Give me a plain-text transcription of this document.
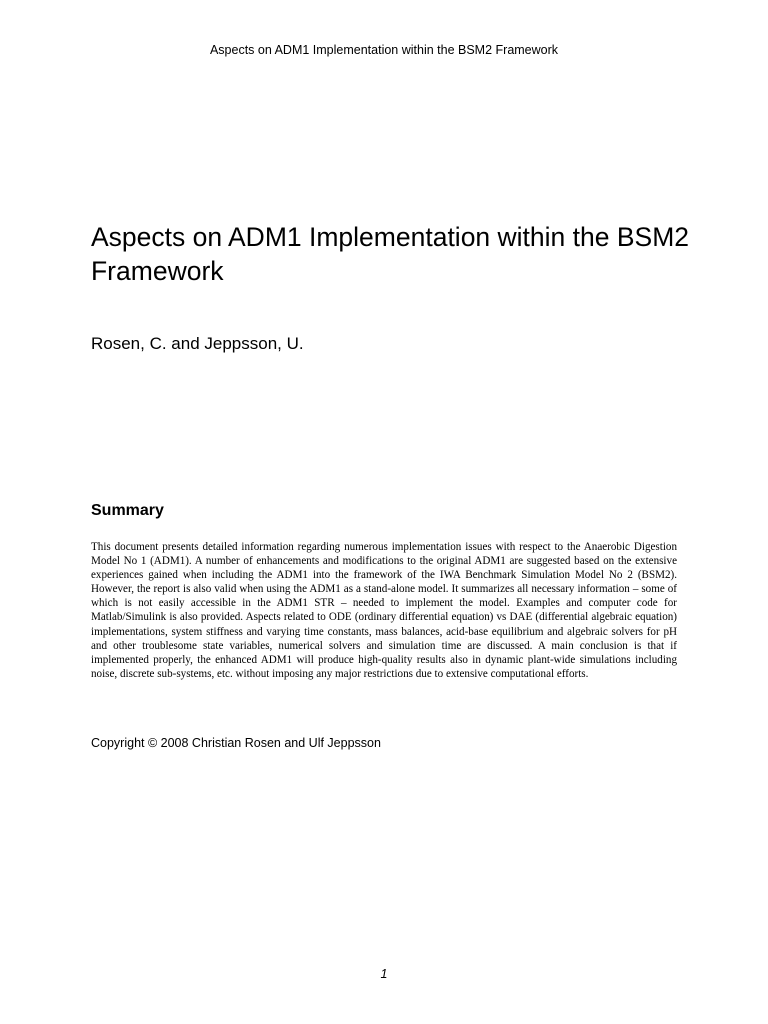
Aspects on ADM1 Implementation within the BSM2 Framework
Aspects on ADM1 Implementation within the BSM2 Framework

Rosen, C. and Jeppsson, U.

Summary

This document presents detailed information regarding numerous implementation issues with respect to the Anaerobic Digestion Model No 1 (ADM1). A number of enhancements and modifications to the original ADM1 are suggested based on the extensive experiences gained when including the ADM1 into the framework of the IWA Benchmark Simulation Model No 2 (BSM2). However, the report is also valid when using the ADM1 as a stand-alone model. It summarizes all necessary information – some of which is not easily accessible in the ADM1 STR – needed to implement the model. Examples and computer code for Matlab/Simulink is also provided. Aspects related to ODE (ordinary differential equation) vs DAE (differential algebraic equation) implementations, system stiffness and varying time constants, mass balances, acid-base equilibrium and algebraic solvers for pH and other troublesome state variables, numerical solvers and simulation time are discussed. A main conclusion is that if implemented properly, the enhanced ADM1 will produce high-quality results also in dynamic plant-wide simulations including noise, discrete sub-systems, etc. without imposing any major restrictions due to extensive computational efforts.

Copyright © 2008 Christian Rosen and Ulf Jeppsson

1
